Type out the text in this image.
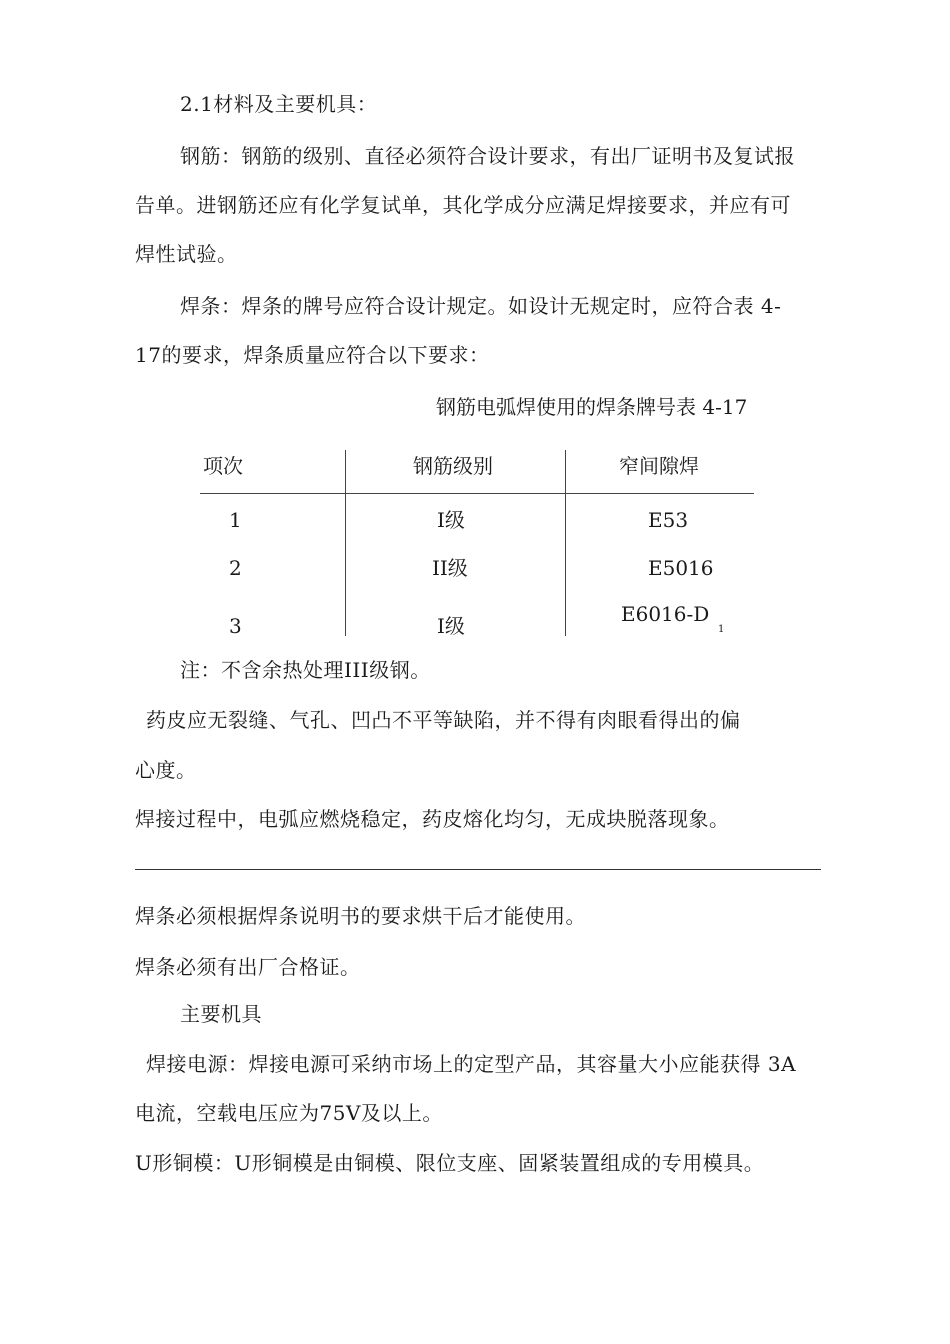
2.1材料及主要机具：
钢筋：钢筋的级别、直径必须符合设计要求，有出厂证明书及复试报
告单。进钢筋还应有化学复试单，其化学成分应满足焊接要求，并应有可
焊性试验。
焊条：焊条的牌号应符合设计规定。如设计无规定时，应符合表 4-
17的要求，焊条质量应符合以下要求：
钢筋电弧焊使用的焊条牌号表 4-17
项次	钢筋级别	窄间隙焊
1	I级	E53
2	II级	E5016
3	I级	E6016-D
1
注：不含余热处理III级钢。
药皮应无裂缝、气孔、凹凸不平等缺陷，并不得有肉眼看得出的偏
心度。
焊接过程中，电弧应燃烧稳定，药皮熔化均匀，无成块脱落现象。
焊条必须根据焊条说明书的要求烘干后才能使用。
焊条必须有出厂合格证。
主要机具
焊接电源：焊接电源可采纳市场上的定型产品，其容量大小应能获得 3A
电流，空载电压应为75V及以上。
U形铜模：U形铜模是由铜模、限位支座、固紧装置组成的专用模具。
